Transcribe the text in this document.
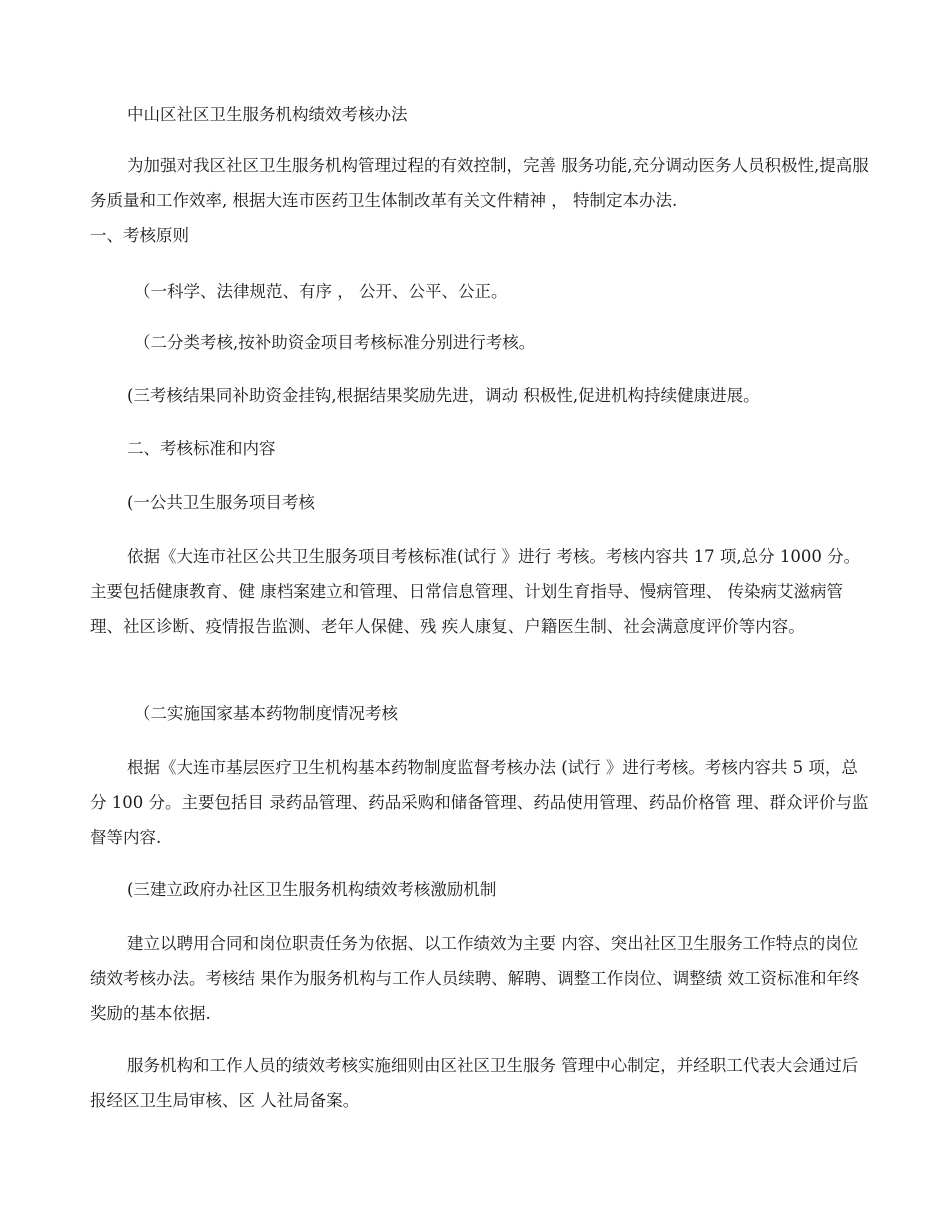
中山区社区卫生服务机构绩效考核办法

为加强对我区社区卫生服务机构管理过程的有效控制，完善 服务功能,充分调动医务人员积极性,提高服务质量和工作效率, 根据大连市医药卫生体制改革有关文件精神 ， 特制定本办法.

一、考核原则

（一科学、法律规范、有序 ， 公开、公平、公正。

（二分类考核,按补助资金项目考核标准分别进行考核。

(三考核结果同补助资金挂钩,根据结果奖励先进，调动 积极性,促进机构持续健康进展。

二、考核标准和内容

(一公共卫生服务项目考核

依据《大连市社区公共卫生服务项目考核标准(试行 》进行 考核。考核内容共 17 项,总分 1000 分。主要包括健康教育、健 康档案建立和管理、日常信息管理、计划生育指导、慢病管理、 传染病艾滋病管理、社区诊断、疫情报告监测、老年人保健、残 疾人康复、户籍医生制、社会满意度评价等内容。

（二实施国家基本药物制度情况考核

根据《大连市基层医疗卫生机构基本药物制度监督考核办法 (试行 》进行考核。考核内容共 5 项，总分 100 分。主要包括目 录药品管理、药品采购和储备管理、药品使用管理、药品价格管 理、群众评价与监督等内容.

(三建立政府办社区卫生服务机构绩效考核激励机制

建立以聘用合同和岗位职责任务为依据、以工作绩效为主要 内容、突出社区卫生服务工作特点的岗位绩效考核办法。考核结 果作为服务机构与工作人员续聘、解聘、调整工作岗位、调整绩 效工资标准和年终奖励的基本依据.

服务机构和工作人员的绩效考核实施细则由区社区卫生服务 管理中心制定，并经职工代表大会通过后报经区卫生局审核、区 人社局备案。
